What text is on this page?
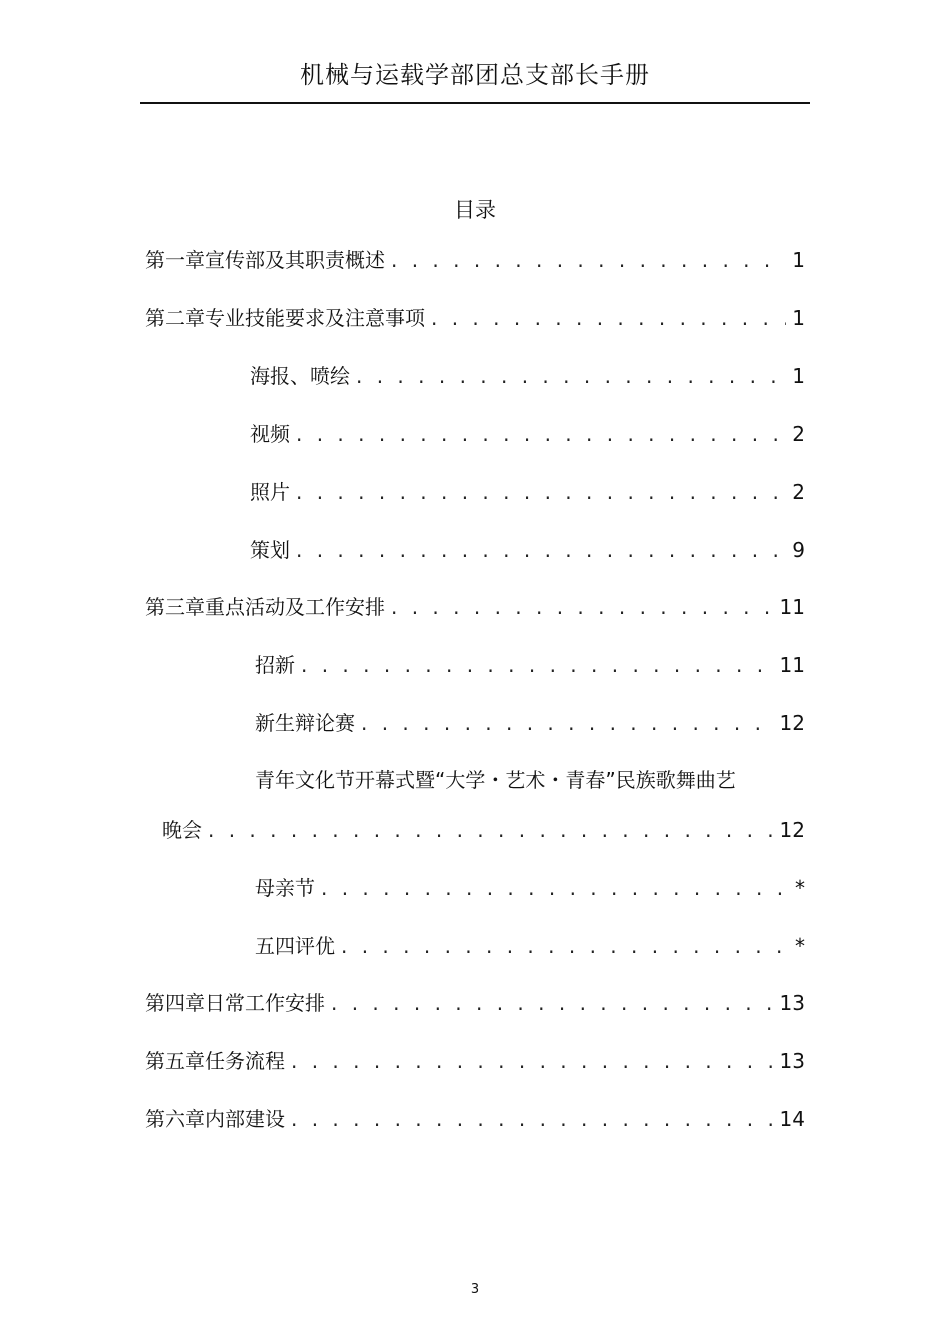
机械与运载学部团总支部长手册
目录
第一章宣传部及其职责概述 . . .	1
第二章专业技能要求及注意事项 . . .	1
海报、喷绘 . . .	1
视频 . . .	2
照片 . . .	2
策划 . . .	9
第三章重点活动及工作安排 . . .	11
招新 . . .	11
新生辩论赛 . . .	12
青年文化节开幕式暨“大学・艺术・青春”民族歌舞曲艺
晚会 . . .	12
母亲节 . . .	*
五四评优 . . .	*
第四章日常工作安排 . . .	13
第五章任务流程 . . .	13
第六章内部建设 . . .	14
3
